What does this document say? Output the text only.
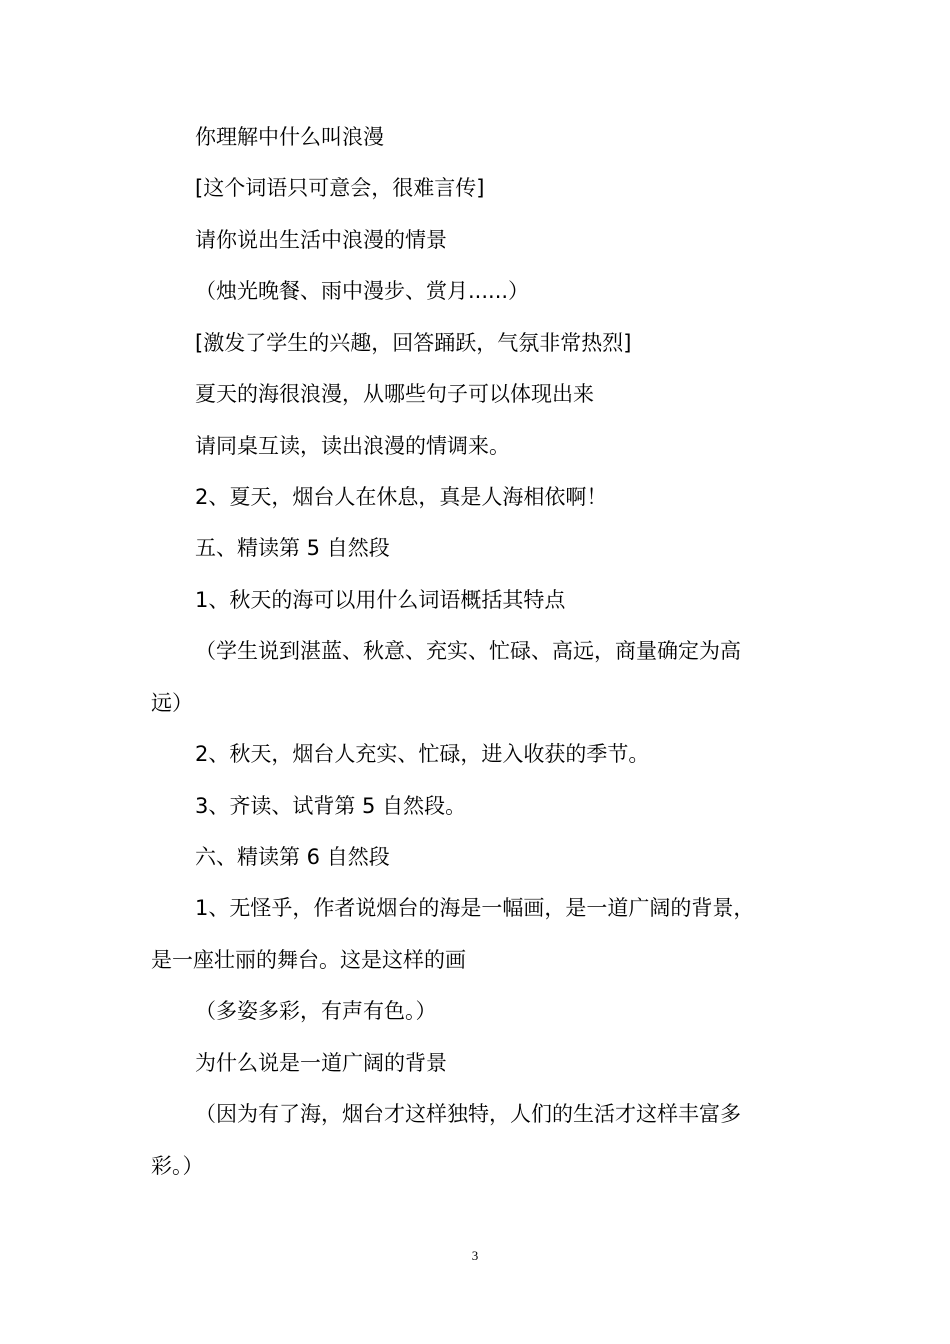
你理解中什么叫浪漫
[这个词语只可意会，很难言传]
请你说出生活中浪漫的情景
（烛光晚餐、雨中漫步、赏月......）
[激发了学生的兴趣，回答踊跃，气氛非常热烈]
夏天的海很浪漫，从哪些句子可以体现出来
请同桌互读，读出浪漫的情调来。
2、夏天，烟台人在休息，真是人海相依啊！
五、精读第 5 自然段
1、秋天的海可以用什么词语概括其特点
（学生说到湛蓝、秋意、充实、忙碌、高远，商量确定为高
远）
2、秋天，烟台人充实、忙碌，进入收获的季节。
3、齐读、试背第 5 自然段。
六、精读第 6 自然段
1、无怪乎，作者说烟台的海是一幅画，是一道广阔的背景，
是一座壮丽的舞台。这是这样的画
（多姿多彩，有声有色。）
为什么说是一道广阔的背景
（因为有了海，烟台才这样独特，人们的生活才这样丰富多
彩。）
3
